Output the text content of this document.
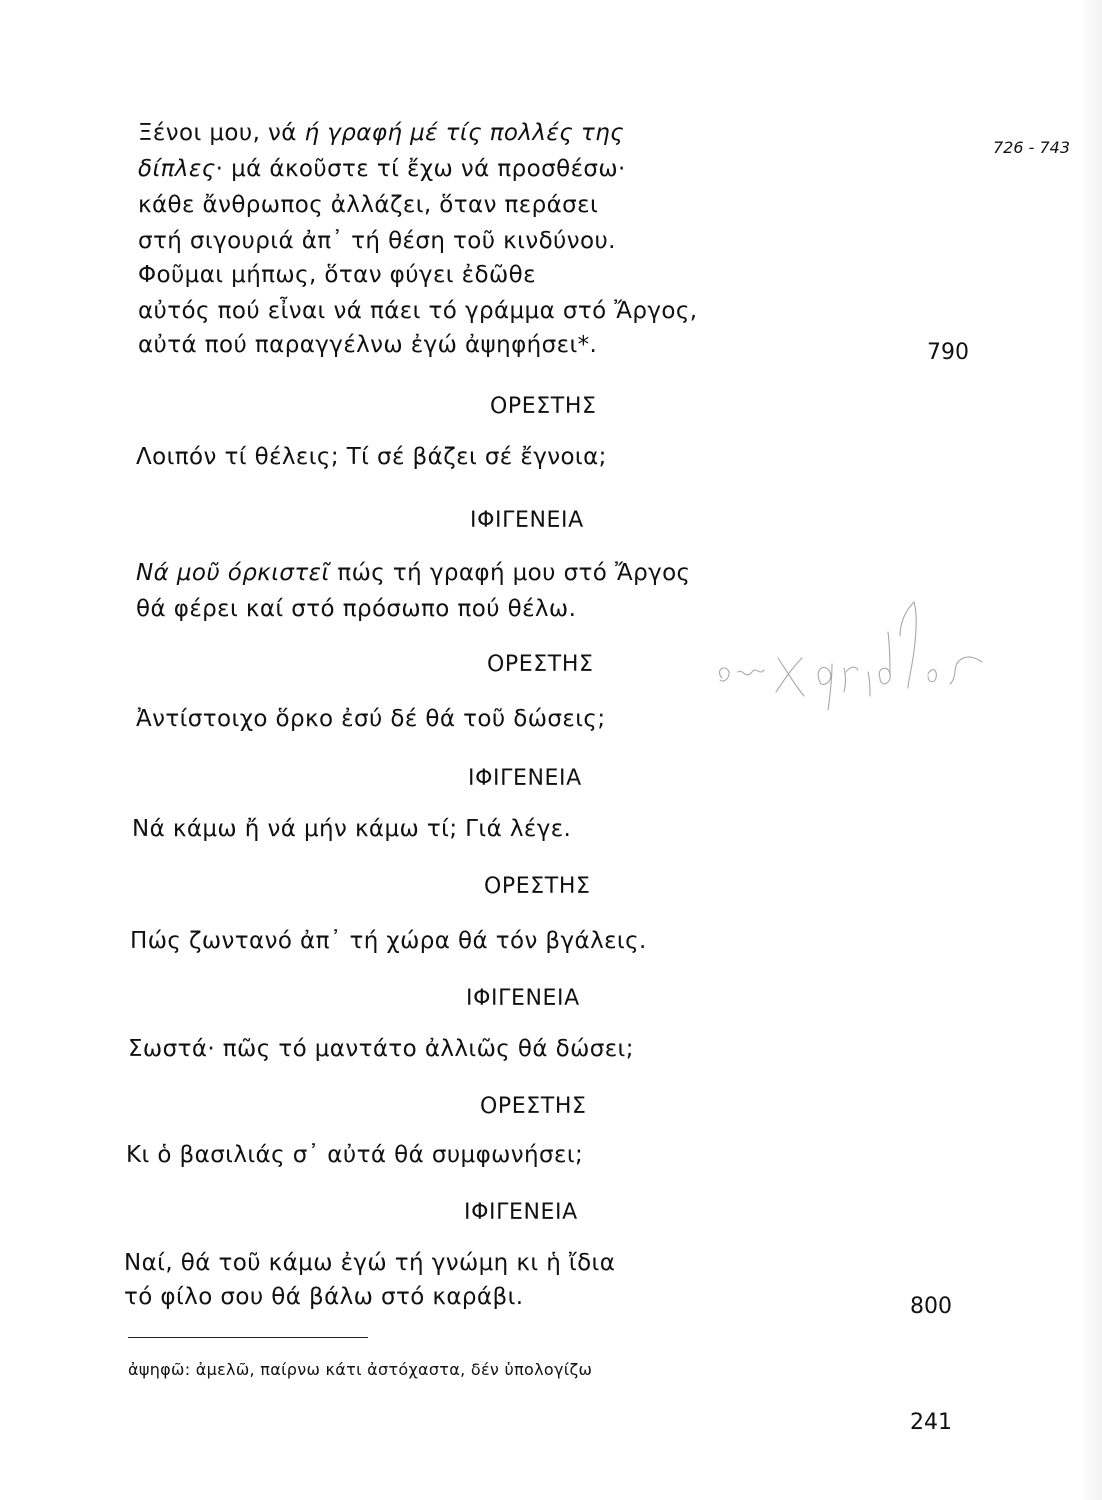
726 - 743
Ξένοι μου, νά ή γραφή μέ τίς πολλές της
δίπλες· μά άκοῦστε τί ἔχω νά προσθέσω·
κάθε ἄνθρωπος ἀλλάζει, ὅταν περάσει
στή σιγουριά ἀπ᾿ τή θέση τοῦ κινδύνου.
Φοῦμαι μήπως, ὅταν φύγει ἐδῶθε
αὐτός πού εἶναι νά πάει τό γράμμα στό Ἄργος,
αὐτά πού παραγγέλνω ἐγώ ἀψηφήσει*.	790
ΟΡΕΣΤΗΣ
Λοιπόν τί θέλεις; Τί σέ βάζει σέ ἔγνοια;
ΙΦΙΓΕΝΕΙΑ
Νά μοῦ όρκιστεῖ πώς τή γραφή μου στό Ἄργος
θά φέρει καί στό πρόσωπο πού θέλω.
ΟΡΕΣΤΗΣ
Ἀντίστοιχο ὅρκο ἐσύ δέ θά τοῦ δώσεις;
ΙΦΙΓΕΝΕΙΑ
Νά κάμω ἤ νά μήν κάμω τί; Γιά λέγε.
ΟΡΕΣΤΗΣ
Πώς ζωντανό ἀπ᾿ τή χώρα θά τόν βγάλεις.
ΙΦΙΓΕΝΕΙΑ
Σωστά· πῶς τό μαντάτο ἀλλιῶς θά δώσει;
ΟΡΕΣΤΗΣ
Κι ὁ βασιλιάς σ᾿ αὐτά θά συμφωνήσει;
ΙΦΙΓΕΝΕΙΑ
Ναί, θά τοῦ κάμω ἐγώ τή γνώμη κι ἡ ἴδια
τό φίλο σου θά βάλω στό καράβι.	800
ἀψηφῶ: ἀμελῶ, παίρνω κάτι ἀστόχαστα, δέν ὑπολογίζω
241
